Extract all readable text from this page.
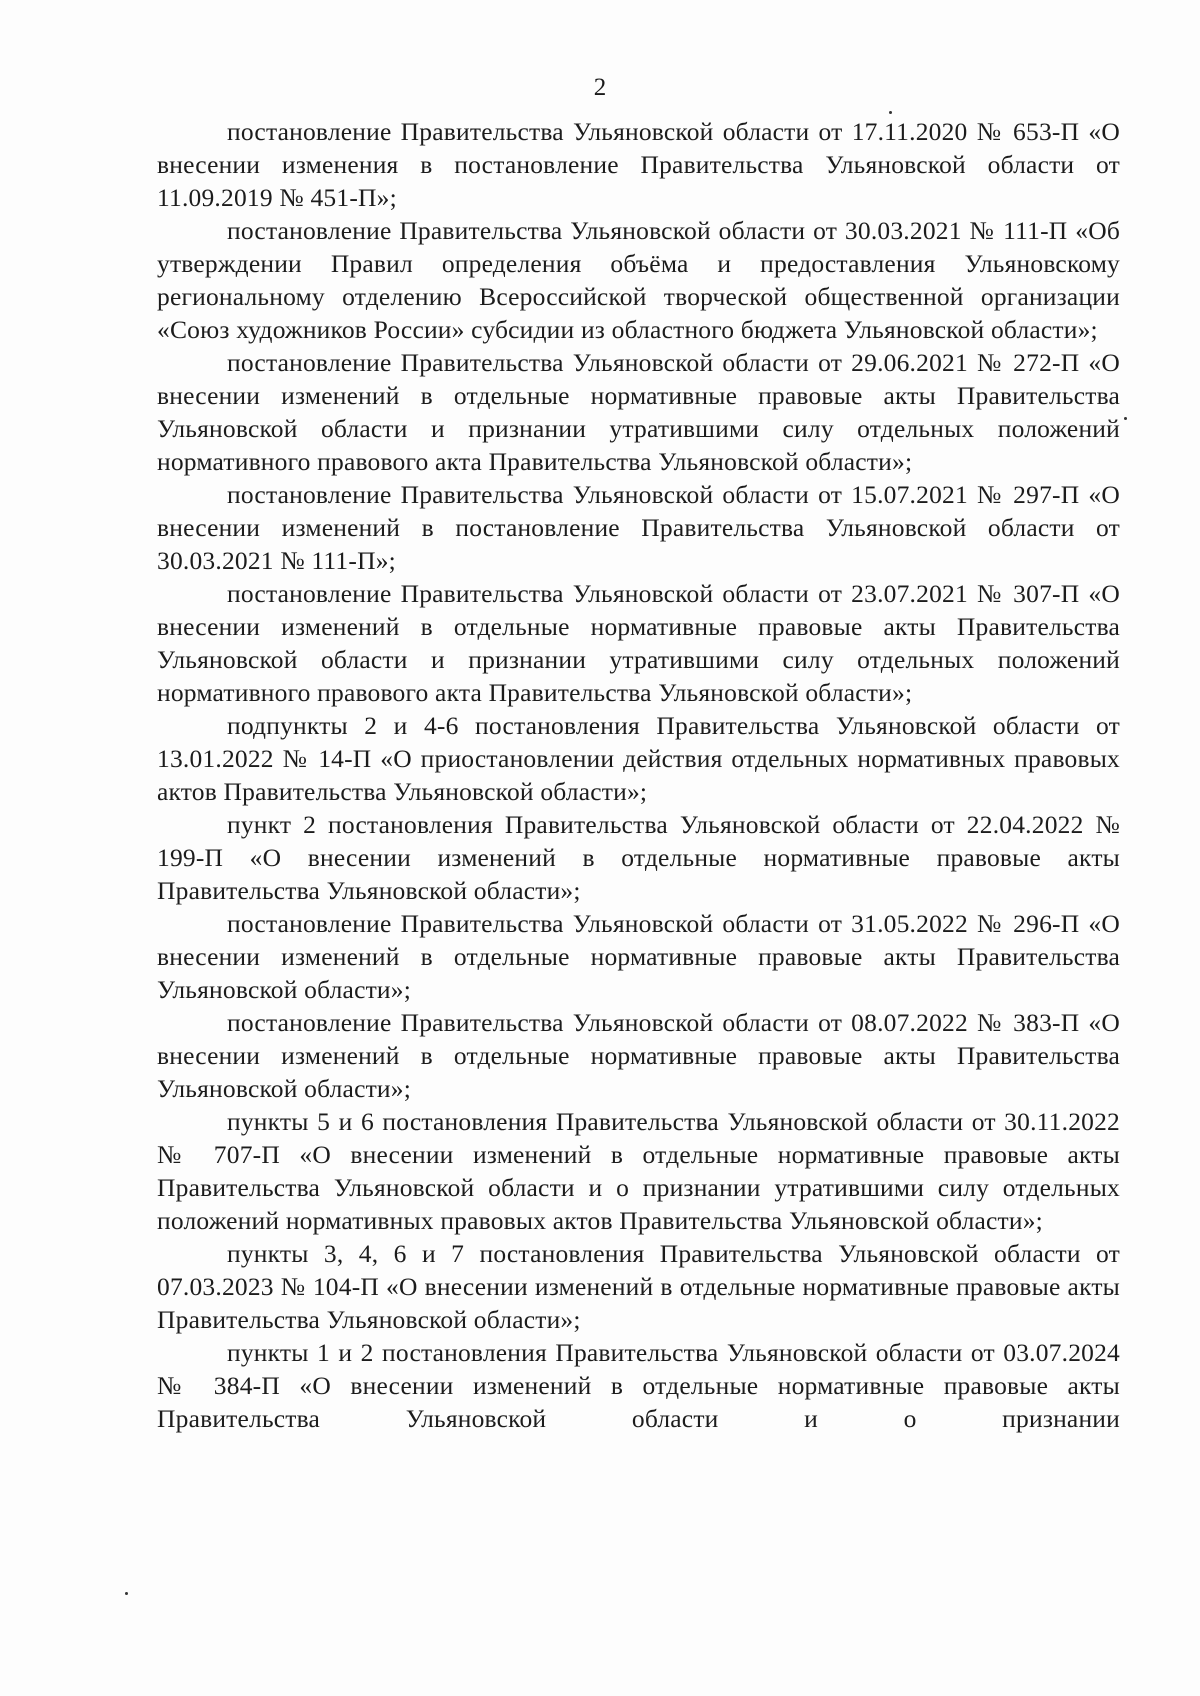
2

постановление Правительства Ульяновской области от 17.11.2020 № 653-П «О внесении изменения в постановление Правительства Ульяновской области от 11.09.2019 № 451-П»;

постановление Правительства Ульяновской области от 30.03.2021 № 111-П «Об утверждении Правил определения объёма и предоставления Ульяновскому региональному отделению Всероссийской творческой общественной организации «Союз художников России» субсидии из областного бюджета Ульяновской области»;

постановление Правительства Ульяновской области от 29.06.2021 № 272-П «О внесении изменений в отдельные нормативные правовые акты Правительства Ульяновской области и признании утратившими силу отдельных положений нормативного правового акта Правительства Ульяновской области»;

постановление Правительства Ульяновской области от 15.07.2021 № 297-П «О внесении изменений в постановление Правительства Ульяновской области от 30.03.2021 № 111-П»;

постановление Правительства Ульяновской области от 23.07.2021 № 307-П «О внесении изменений в отдельные нормативные правовые акты Правительства Ульяновской области и признании утратившими силу отдельных положений нормативного правового акта Правительства Ульяновской области»;

подпункты 2 и 4-6 постановления Правительства Ульяновской области от 13.01.2022 № 14-П «О приостановлении действия отдельных нормативных правовых актов Правительства Ульяновской области»;

пункт 2 постановления Правительства Ульяновской области от 22.04.2022 № 199-П «О внесении изменений в отдельные нормативные правовые акты Правительства Ульяновской области»;

постановление Правительства Ульяновской области от 31.05.2022 № 296-П «О внесении изменений в отдельные нормативные правовые акты Правительства Ульяновской области»;

постановление Правительства Ульяновской области от 08.07.2022 № 383-П «О внесении изменений в отдельные нормативные правовые акты Правительства Ульяновской области»;

пункты 5 и 6 постановления Правительства Ульяновской области от 30.11.2022 № 707-П «О внесении изменений в отдельные нормативные правовые акты Правительства Ульяновской области и о признании утратившими силу отдельных положений нормативных правовых актов Правительства Ульяновской области»;

пункты 3, 4, 6 и 7 постановления Правительства Ульяновской области от 07.03.2023 № 104-П «О внесении изменений в отдельные нормативные правовые акты Правительства Ульяновской области»;

пункты 1 и 2 постановления Правительства Ульяновской области от 03.07.2024 № 384-П «О внесении изменений в отдельные нормативные правовые акты Правительства Ульяновской области и о признании
